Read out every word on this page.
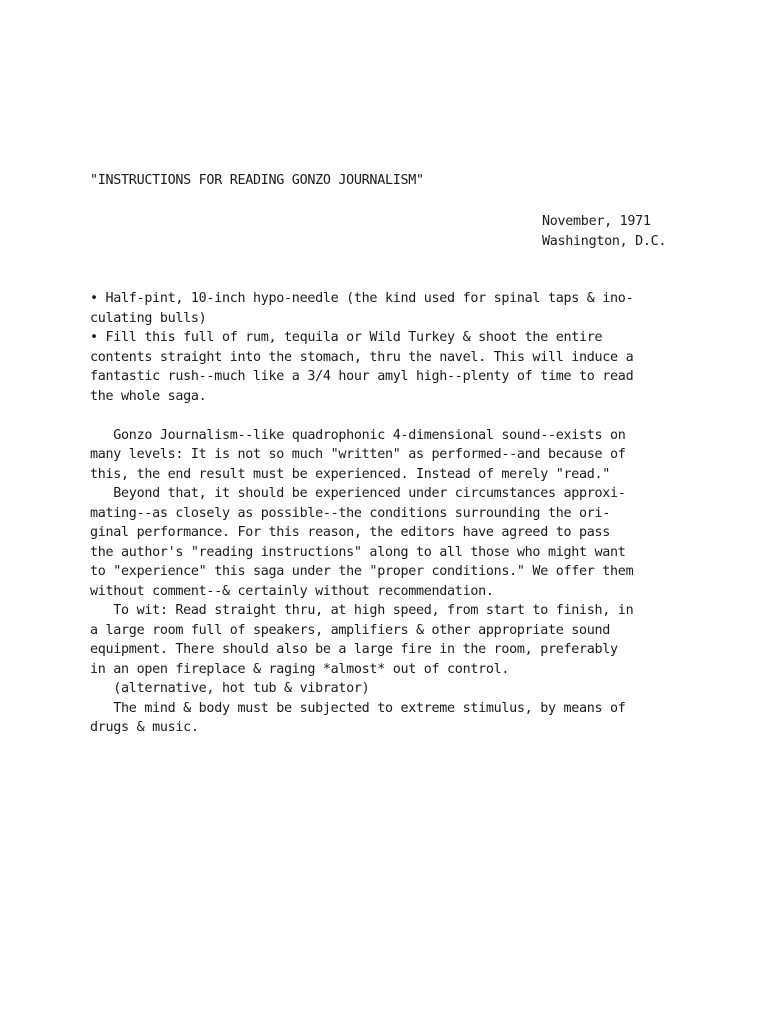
"INSTRUCTIONS FOR READING GONZO JOURNALISM"
November, 1971
Washington, D.C.
• Half-pint, 10-inch hypo-needle (the kind used for spinal taps & ino-
culating bulls)
• Fill this full of rum, tequila or Wild Turkey & shoot the entire
contents straight into the stomach, thru the navel. This will induce a
fantastic rush--much like a 3/4 hour amyl high--plenty of time to read
the whole saga.
Gonzo Journalism--like quadrophonic 4-dimensional sound--exists on
many levels: It is not so much "written" as performed--and because of
this, the end result must be experienced. Instead of merely "read."
Beyond that, it should be experienced under circumstances approxi-
mating--as closely as possible--the conditions surrounding the ori-
ginal performance. For this reason, the editors have agreed to pass
the author's "reading instructions" along to all those who might want
to "experience" this saga under the "proper conditions." We offer them
without comment--& certainly without recommendation.
To wit: Read straight thru, at high speed, from start to finish, in
a large room full of speakers, amplifiers & other appropriate sound
equipment. There should also be a large fire in the room, preferably
in an open fireplace & raging *almost* out of control.
(alternative, hot tub & vibrator)
The mind & body must be subjected to extreme stimulus, by means of
drugs & music.
